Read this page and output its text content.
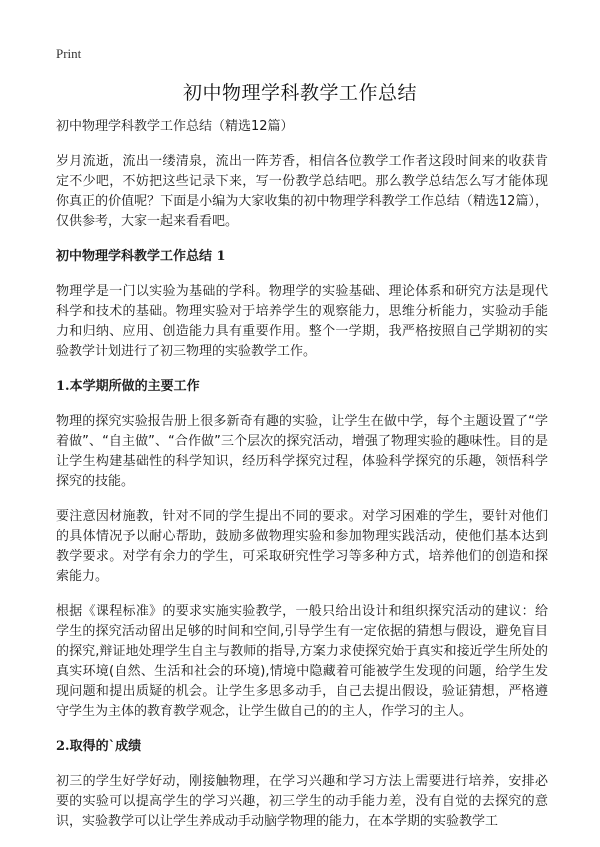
Print
初中物理学科教学工作总结
初中物理学科教学工作总结（精选12篇）

岁月流逝，流出一缕清泉，流出一阵芳香，相信各位教学工作者这段时间来的收获肯定不少吧，不妨把这些记录下来，写一份教学总结吧。那么教学总结怎么写才能体现你真正的价值呢？下面是小编为大家收集的初中物理学科教学工作总结（精选12篇），仅供参考，大家一起来看看吧。

初中物理学科教学工作总结 1

物理学是一门以实验为基础的学科。物理学的实验基础、理论体系和研究方法是现代科学和技术的基础。物理实验对于培养学生的观察能力，思维分析能力，实验动手能力和归纳、应用、创造能力具有重要作用。整个一学期，我严格按照自己学期初的实验教学计划进行了初三物理的实验教学工作。

1.本学期所做的主要工作

物理的探究实验报告册上很多新奇有趣的实验，让学生在做中学，每个主题设置了“学着做”、“自主做”、“合作做”三个层次的探究活动，增强了物理实验的趣味性。目的是让学生构建基础性的科学知识，经历科学探究过程，体验科学探究的乐趣，领悟科学探究的技能。

要注意因材施教，针对不同的学生提出不同的要求。对学习困难的学生，要针对他们的具体情况予以耐心帮助，鼓励多做物理实验和参加物理实践活动，使他们基本达到教学要求。对学有余力的学生，可采取研究性学习等多种方式，培养他们的创造和探索能力。

根据《课程标准》的要求实施实验教学，一般只给出设计和组织探究活动的建议：给学生的探究活动留出足够的时间和空间,引导学生有一定依据的猜想与假设，避免盲目的探究,辩证地处理学生自主与教师的指导,方案力求使探究始于真实和接近学生所处的真实环境(自然、生活和社会的环境),情境中隐藏着可能被学生发现的问题，给学生发现问题和提出质疑的机会。让学生多思多动手，自己去提出假设，验证猜想，严格遵守学生为主体的教育教学观念，让学生做自己的的主人，作学习的主人。

2.取得的`成绩

初三的学生好学好动，刚接触物理，在学习兴趣和学习方法上需要进行培养，安排必要的实验可以提高学生的学习兴趣，初三学生的动手能力差，没有自觉的去探究的意识，实验教学可以让学生养成动手动脑学物理的能力，在本学期的实验教学工
